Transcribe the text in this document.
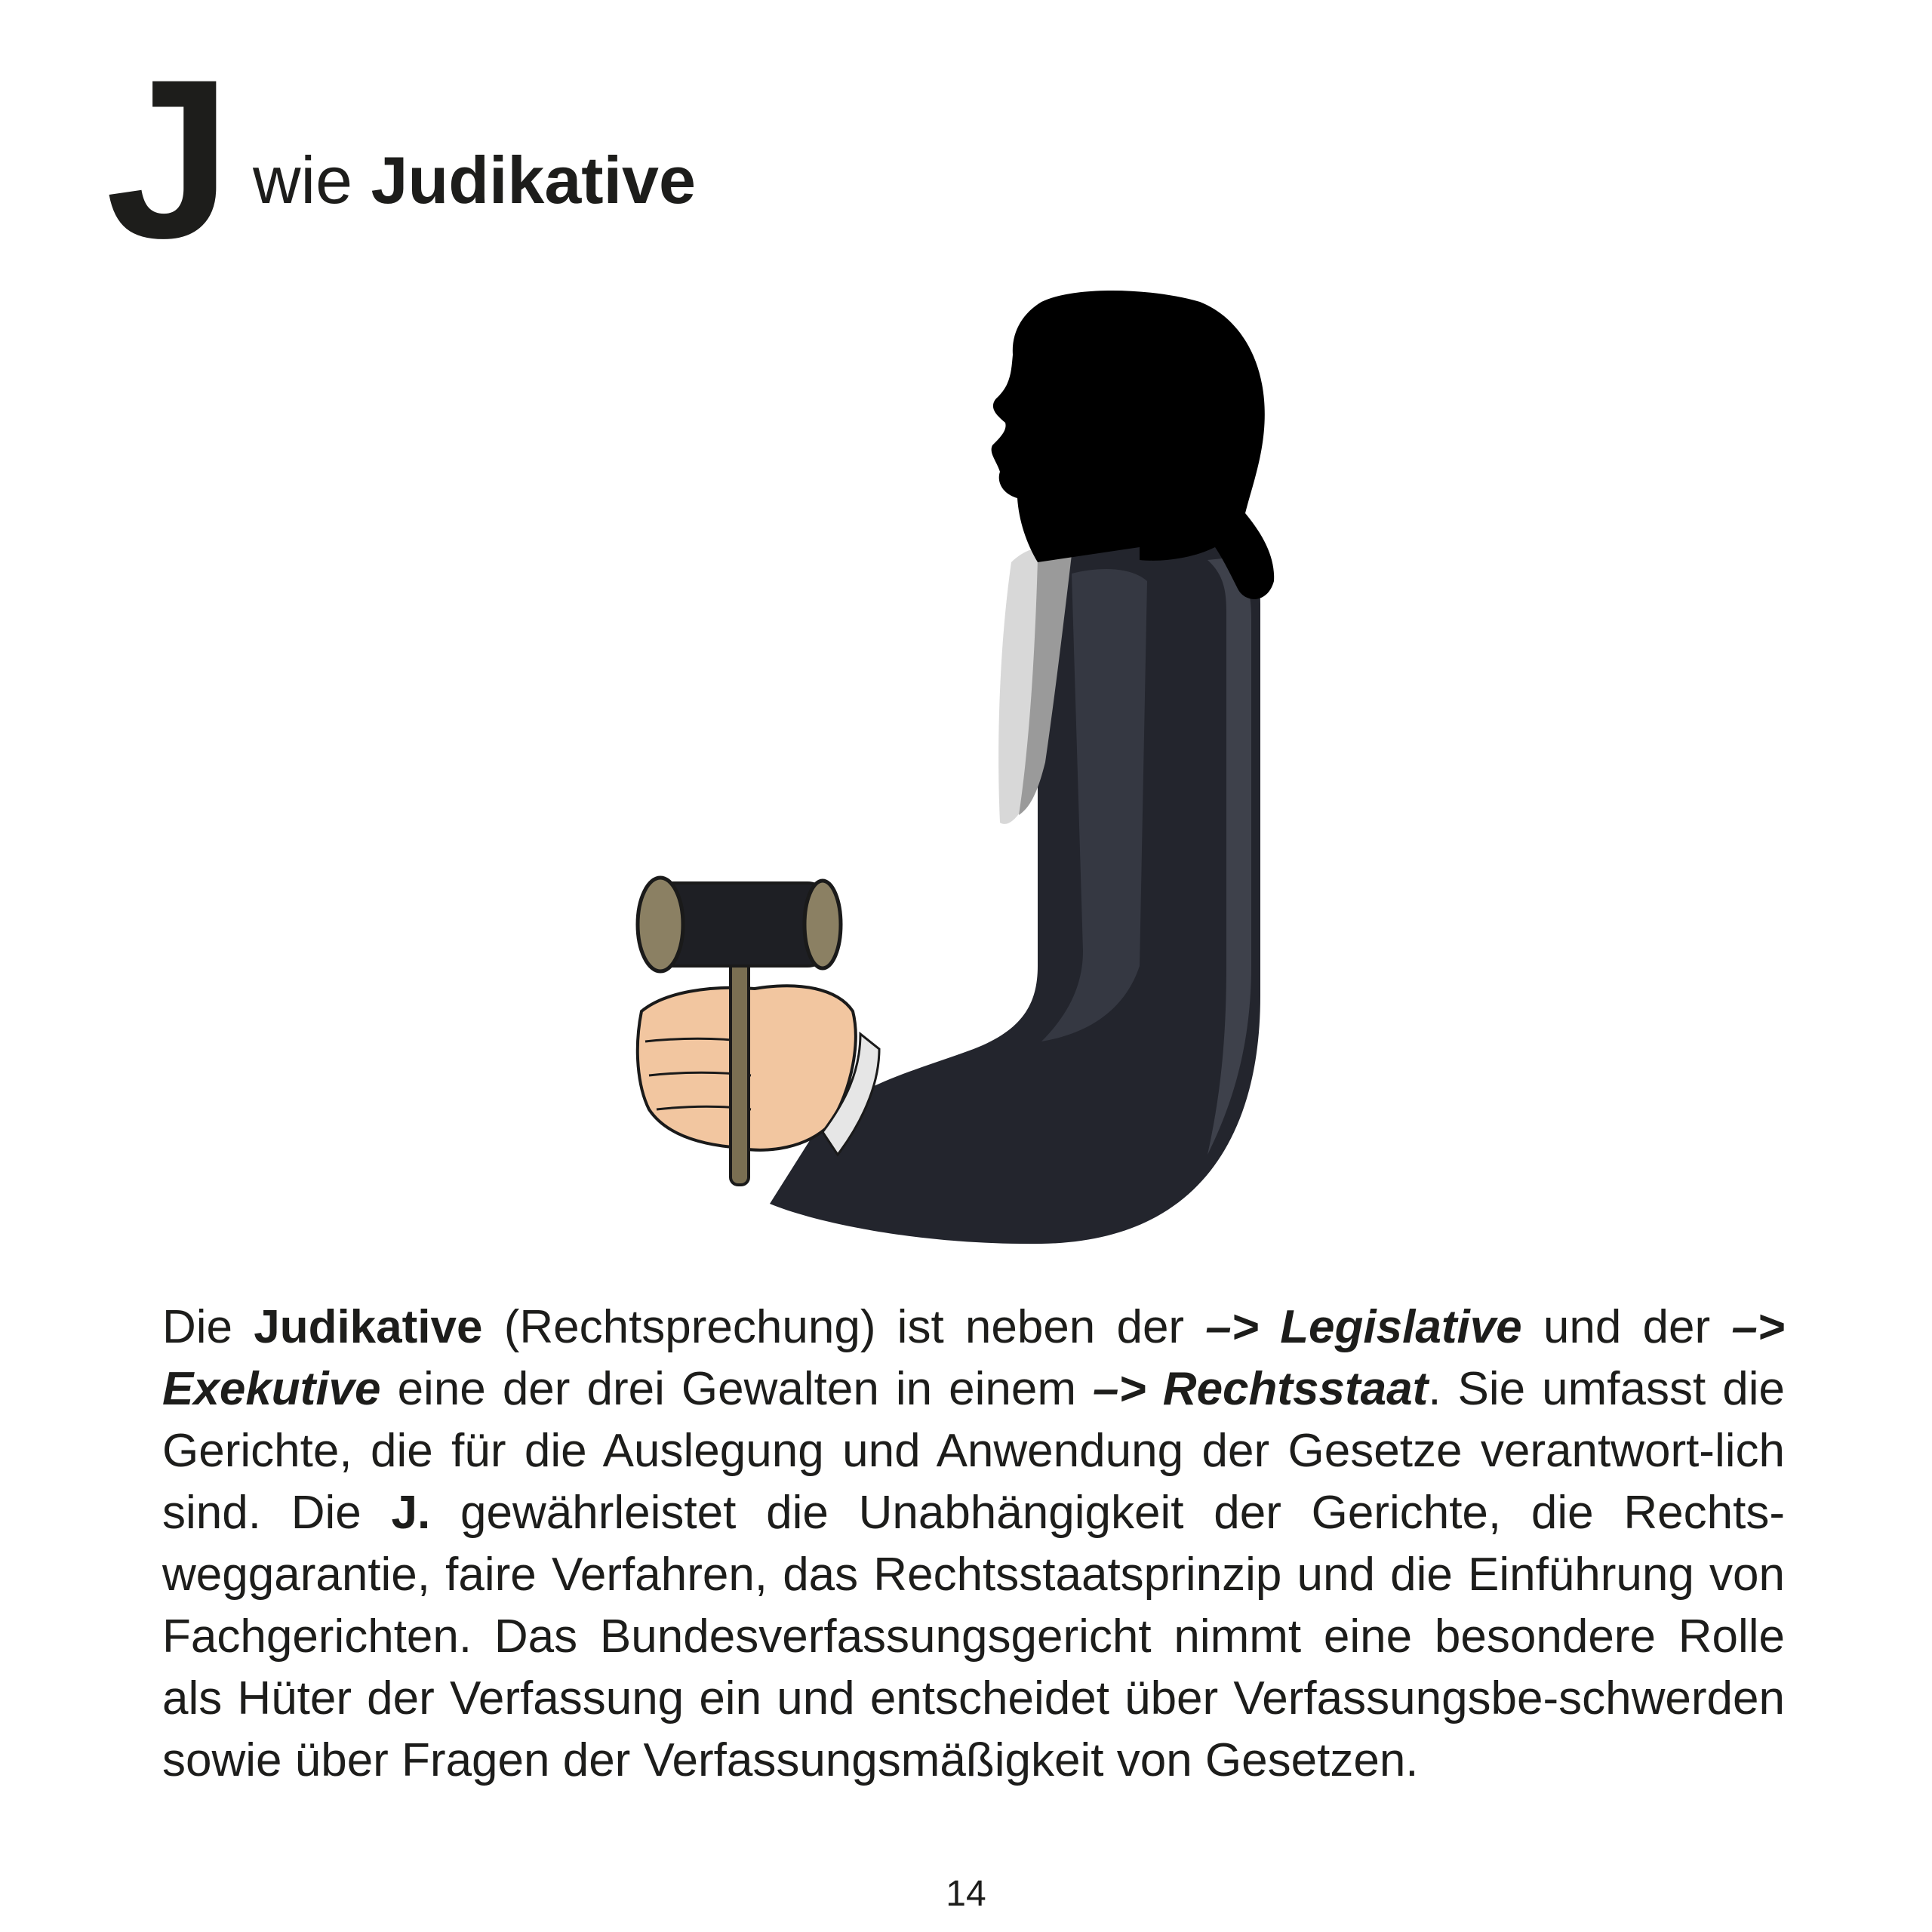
J wie Judikative
Die Judikative (Rechtsprechung) ist neben der –> Legislative und der –> Exekutive eine der drei Gewalten in einem –> Rechtsstaat. Sie umfasst die Gerichte, die für die Auslegung und Anwendung der Gesetze verantwort-lich sind. Die J. gewährleistet die Unabhängigkeit der Gerichte, die Rechts-weggarantie, faire Verfahren, das Rechtsstaatsprinzip und die Einführung von Fachgerichten. Das Bundesverfassungsgericht nimmt eine besondere Rolle als Hüter der Verfassung ein und entscheidet über Verfassungsbe-schwerden sowie über Fragen der Verfassungsmäßigkeit von Gesetzen.
14
